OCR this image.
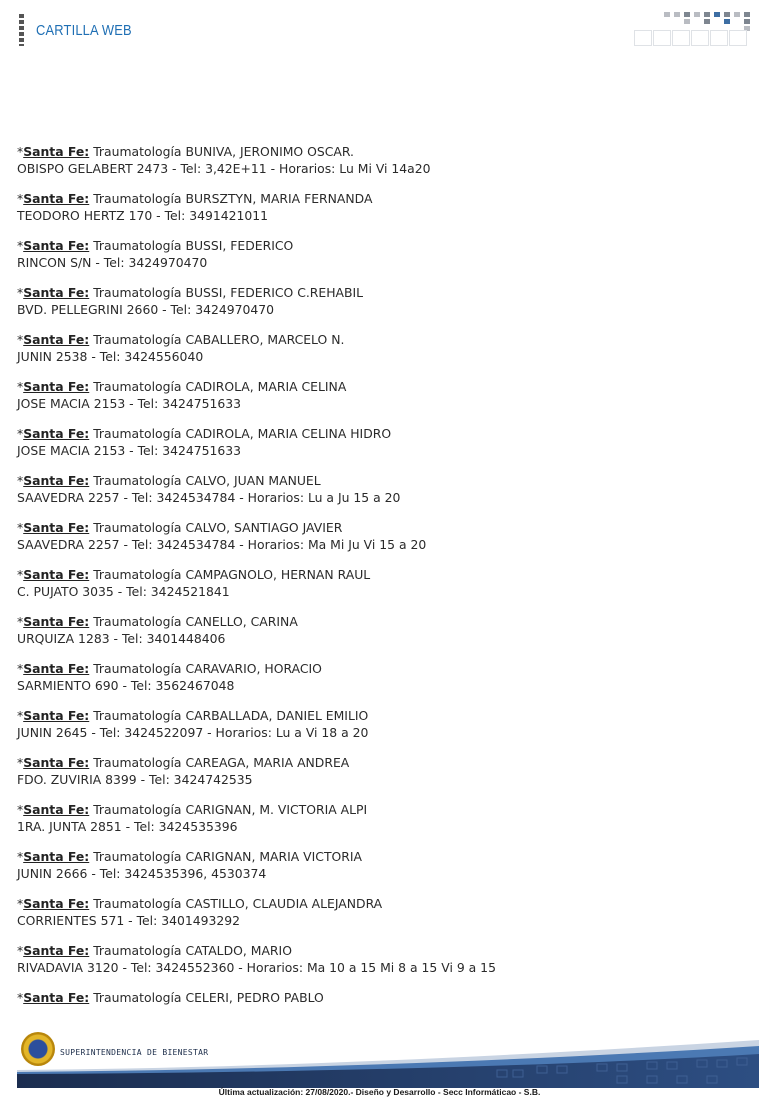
CARTILLA WEB
*Santa Fe: Traumatología BUNIVA, JERONIMO OSCAR.
OBISPO GELABERT 2473 - Tel: 3,42E+11 - Horarios: Lu Mi Vi 14a20
*Santa Fe: Traumatología BURSZTYN, MARIA FERNANDA
TEODORO HERTZ 170 - Tel: 3491421011
*Santa Fe: Traumatología BUSSI, FEDERICO
RINCON S/N - Tel: 3424970470
*Santa Fe: Traumatología BUSSI, FEDERICO C.REHABIL
BVD. PELLEGRINI 2660 - Tel: 3424970470
*Santa Fe: Traumatología CABALLERO, MARCELO N.
JUNIN 2538 - Tel: 3424556040
*Santa Fe: Traumatología CADIROLA, MARIA CELINA
JOSE MACIA 2153 - Tel: 3424751633
*Santa Fe: Traumatología CADIROLA, MARIA CELINA HIDRO
JOSE MACIA 2153 - Tel: 3424751633
*Santa Fe: Traumatología CALVO, JUAN MANUEL
SAAVEDRA 2257 - Tel: 3424534784 - Horarios: Lu a Ju 15 a 20
*Santa Fe: Traumatología CALVO, SANTIAGO JAVIER
SAAVEDRA 2257 - Tel: 3424534784 - Horarios: Ma Mi Ju Vi 15 a 20
*Santa Fe: Traumatología CAMPAGNOLO, HERNAN RAUL
C. PUJATO 3035 - Tel: 3424521841
*Santa Fe: Traumatología CANELLO, CARINA
URQUIZA 1283 - Tel: 3401448406
*Santa Fe: Traumatología CARAVARIO, HORACIO
SARMIENTO 690 - Tel: 3562467048
*Santa Fe: Traumatología CARBALLADA, DANIEL EMILIO
JUNIN 2645 - Tel: 3424522097 - Horarios: Lu a Vi 18 a 20
*Santa Fe: Traumatología CAREAGA, MARIA ANDREA
FDO. ZUVIRIA 8399 - Tel: 3424742535
*Santa Fe: Traumatología CARIGNAN, M. VICTORIA ALPI
1RA. JUNTA 2851 - Tel: 3424535396
*Santa Fe: Traumatología CARIGNAN, MARIA VICTORIA
JUNIN 2666 - Tel: 3424535396, 4530374
*Santa Fe: Traumatología CASTILLO, CLAUDIA ALEJANDRA
CORRIENTES 571 - Tel: 3401493292
*Santa Fe: Traumatología CATALDO, MARIO
RIVADAVIA 3120 - Tel: 3424552360 - Horarios: Ma 10 a 15 Mi 8 a 15 Vi 9 a 15
*Santa Fe: Traumatología CELERI, PEDRO PABLO

SUPERINTENDENCIA DE BIENESTAR
Última actualización: 27/08/2020.- Diseño y Desarrollo - Secc Informáticao - S.B.
